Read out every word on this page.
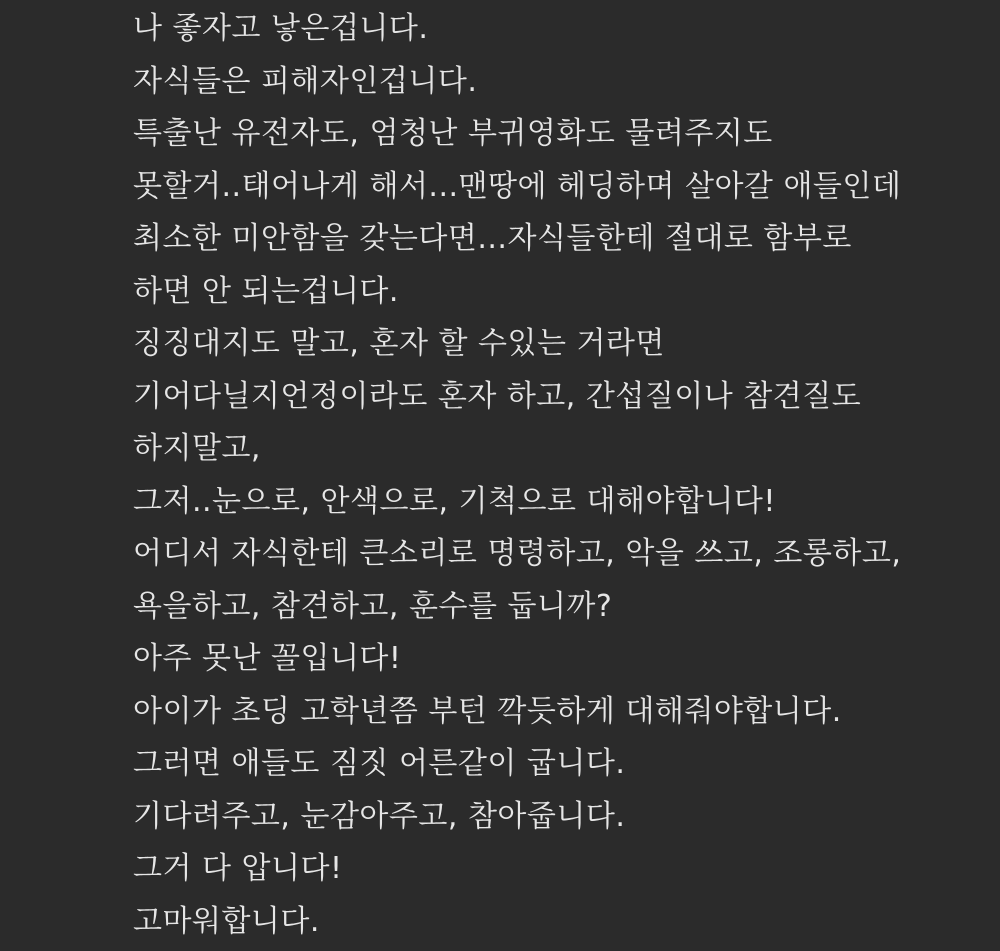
나 좋자고 낳은겁니다.
자식들은 피해자인겁니다.
특출난 유전자도, 엄청난 부귀영화도 물려주지도
못할거..태어나게 해서...맨땅에 헤딩하며 살아갈 애들인데
최소한 미안함을 갖는다면...자식들한테 절대로 함부로
하면 안 되는겁니다.
징징대지도 말고, 혼자 할 수있는 거라면
기어다닐지언정이라도 혼자 하고, 간섭질이나 참견질도
하지말고,
그저..눈으로, 안색으로, 기척으로 대해야합니다!
어디서 자식한테 큰소리로 명령하고, 악을 쓰고, 조롱하고,
욕을하고, 참견하고, 훈수를 둡니까?
아주 못난 꼴입니다!
아이가 초딩 고학년쯤 부턴 깍듯하게 대해줘야합니다.
그러면 애들도 짐짓 어른같이 굽니다.
기다려주고, 눈감아주고, 참아줍니다.
그거 다 압니다!
고마워합니다.
